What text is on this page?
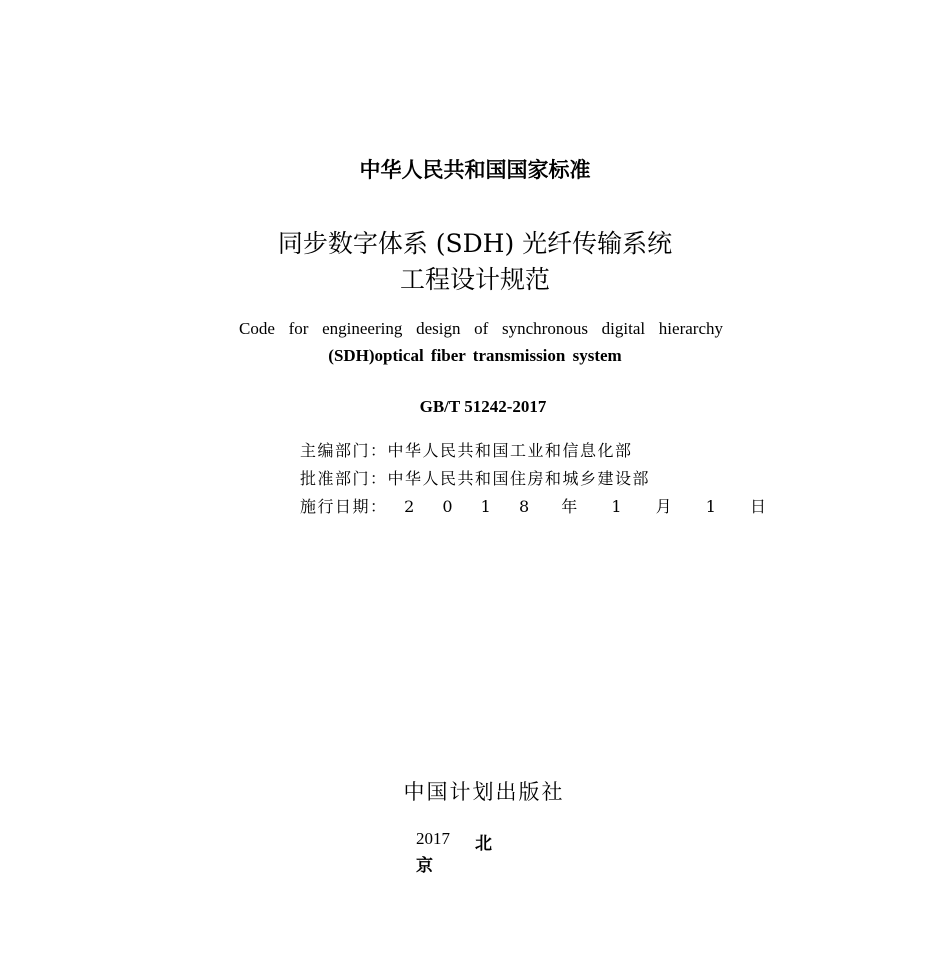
中华人民共和国国家标准
同步数字体系 (SDH) 光纤传输系统
工程设计规范
Code for engineering design of synchronous digital hierarchy
(SDH)optical fiber transmission system
GB/T 51242-2017
主编部门：中华人民共和国工业和信息化部
批准部门：中华人民共和国住房和城乡建设部
施行日期： 2 0 1 8 年 1 月 1 日
中国计划出版社
2017 北
京
